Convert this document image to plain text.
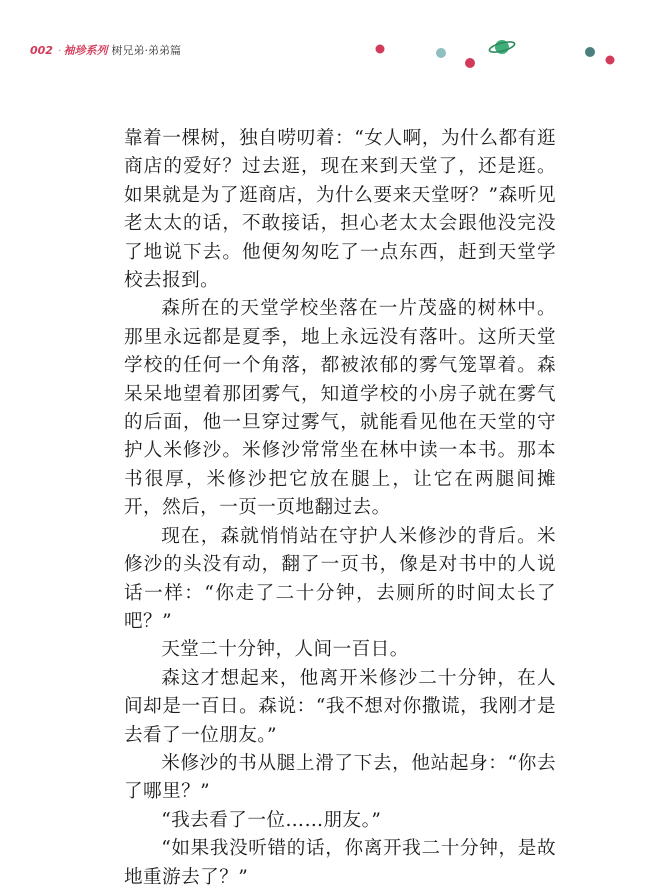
002 · 袖珍系列 树兄弟·弟弟篇

靠着一棵树，独自唠叨着：“女人啊，为什么都有逛商店的爱好？过去逛，现在来到天堂了，还是逛。如果就是为了逛商店，为什么要来天堂呀？”森听见老太太的话，不敢接话，担心老太太会跟他没完没了地说下去。他便匆匆吃了一点东西，赶到天堂学校去报到。

森所在的天堂学校坐落在一片茂盛的树林中。那里永远都是夏季，地上永远没有落叶。这所天堂学校的任何一个角落，都被浓郁的雾气笼罩着。森呆呆地望着那团雾气，知道学校的小房子就在雾气的后面，他一旦穿过雾气，就能看见他在天堂的守护人米修沙。米修沙常常坐在林中读一本书。那本书很厚，米修沙把它放在腿上，让它在两腿间摊开，然后，一页一页地翻过去。

现在，森就悄悄站在守护人米修沙的背后。米修沙的头没有动，翻了一页书，像是对书中的人说话一样：“你走了二十分钟，去厕所的时间太长了吧？”

天堂二十分钟，人间一百日。

森这才想起来，他离开米修沙二十分钟，在人间却是一百日。森说：“我不想对你撒谎，我刚才是去看了一位朋友。”

米修沙的书从腿上滑了下去，他站起身：“你去了哪里？”

“我去看了一位……朋友。”

“如果我没听错的话，你离开我二十分钟，是故地重游去了？”
